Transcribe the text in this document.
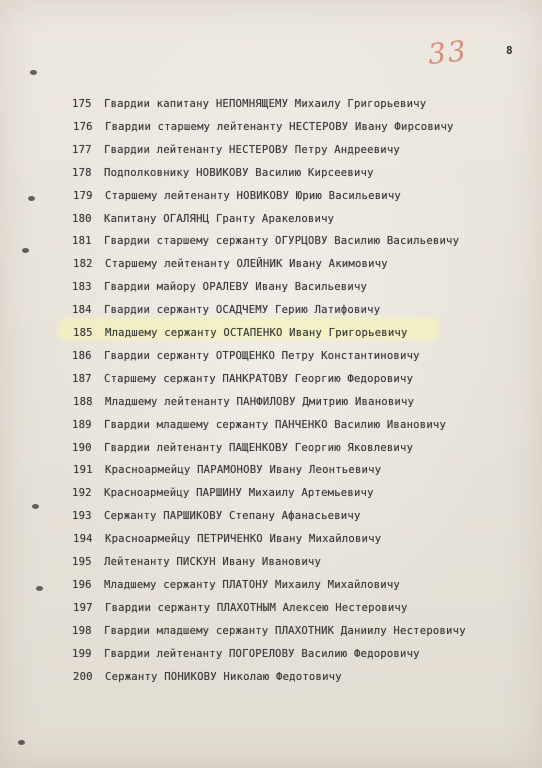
33	8
175 Гвардии капитану НЕПОМНЯЩЕМУ Михаилу Григорьевичу
176 Гвардии старшему лейтенанту НЕСТЕРОВУ Ивану Фирсовичу
177 Гвардии лейтенанту НЕСТЕРОВУ Петру Андреевичу
178 Подполковнику НОВИКОВУ Василию Кирсеевичу
179 Старшему лейтенанту НОВИКОВУ Юрию Васильевичу
180 Капитану ОГАЛЯНЦ Гранту Аракеловичу
181 Гвардии старшему сержанту ОГУРЦОВУ Василию Васильевичу
182 Старшему лейтенанту ОЛЕЙНИК Ивану Акимовичу
183 Гвардии майору ОРАЛЕВУ Ивану Васильевичу
184 Гвардии сержанту ОСАДЧЕМУ Герию Латифовичу
185 Младшему сержанту ОСТАПЕНКО Ивану Григорьевичу
186 Гвардии сержанту ОТРОЩЕНКО Петру Константиновичу
187 Старшему сержанту ПАНКРАТОВУ Георгию Федоровичу
188 Младшему лейтенанту ПАНФИЛОВУ Дмитрию Ивановичу
189 Гвардии младшему сержанту ПАНЧЕНКО Василию Ивановичу
190 Гвардии лейтенанту ПАЩЕНКОВУ Георгию Яковлевичу
191 Красноармейцу ПАРАМОНОВУ Ивану Леонтьевичу
192 Красноармейцу ПАРШИНУ Михаилу Артемьевичу
193 Сержанту ПАРШИКОВУ Степану Афанасьевичу
194 Красноармейцу ПЕТРИЧЕНКО Ивану Михайловичу
195 Лейтенанту ПИСКУН Ивану Ивановичу
196 Младшему сержанту ПЛАТОНУ Михаилу Михайловичу
197 Гвардии сержанту ПЛАХОТНЫМ Алексею Нестеровичу
198 Гвардии младшему сержанту ПЛАХОТНИК Даниилу Нестеровичу
199 Гвардии лейтенанту ПОГОРЕЛОВУ Василию Федоровичу
200 Сержанту ПОНИКОВУ Николаю Федотовичу
